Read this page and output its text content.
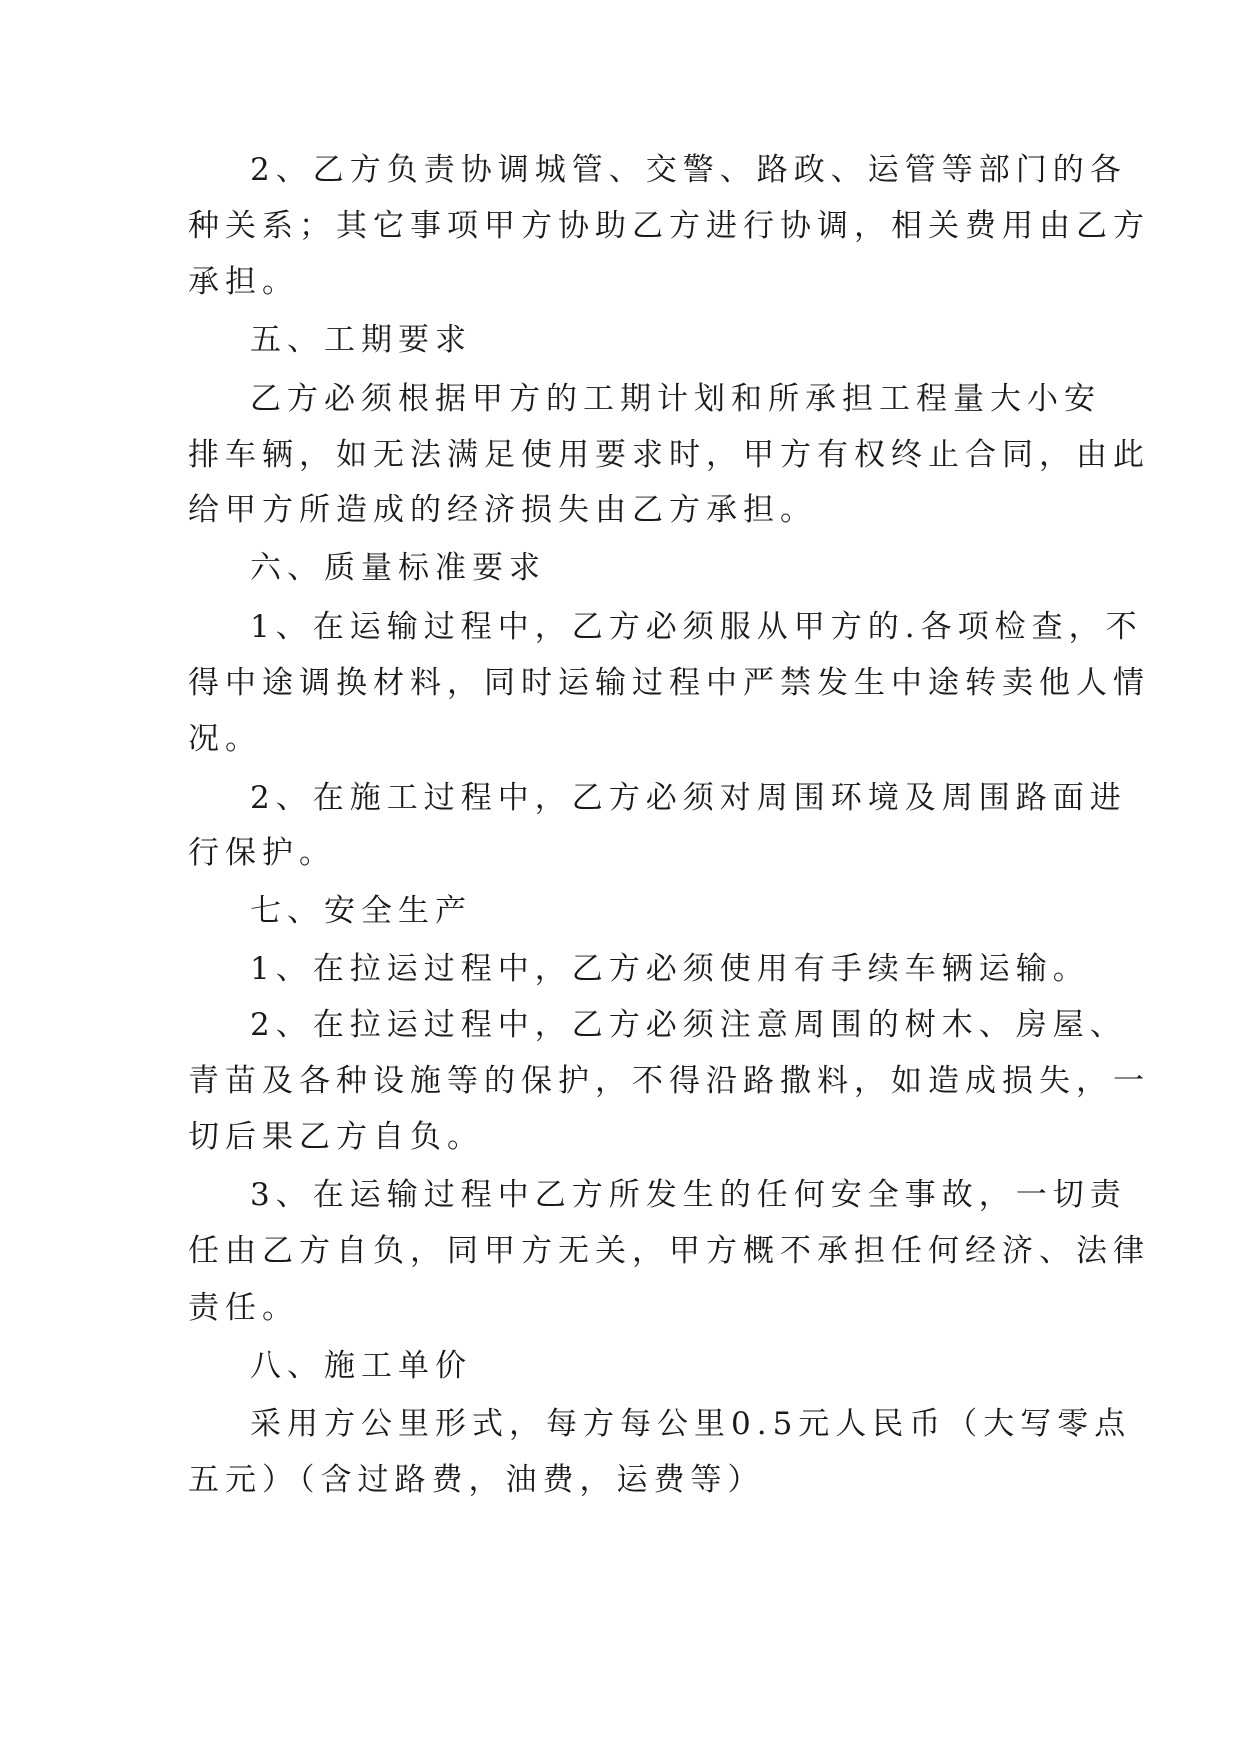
2、乙方负责协调城管、交警、路政、运管等部门的各
种关系；其它事项甲方协助乙方进行协调，相关费用由乙方
承担。
五、工期要求
乙方必须根据甲方的工期计划和所承担工程量大小安
排车辆，如无法满足使用要求时，甲方有权终止合同，由此
给甲方所造成的经济损失由乙方承担。
六、质量标准要求
1、在运输过程中，乙方必须服从甲方的.各项检查，不
得中途调换材料，同时运输过程中严禁发生中途转卖他人情
况。
2、在施工过程中，乙方必须对周围环境及周围路面进
行保护。
七、安全生产
1、在拉运过程中，乙方必须使用有手续车辆运输。
2、在拉运过程中，乙方必须注意周围的树木、房屋、
青苗及各种设施等的保护，不得沿路撒料，如造成损失，一
切后果乙方自负。
3、在运输过程中乙方所发生的任何安全事故，一切责
任由乙方自负，同甲方无关，甲方概不承担任何经济、法律
责任。
八、施工单价
采用方公里形式，每方每公里0.5元人民币（大写零点
五元）（含过路费，油费，运费等）
